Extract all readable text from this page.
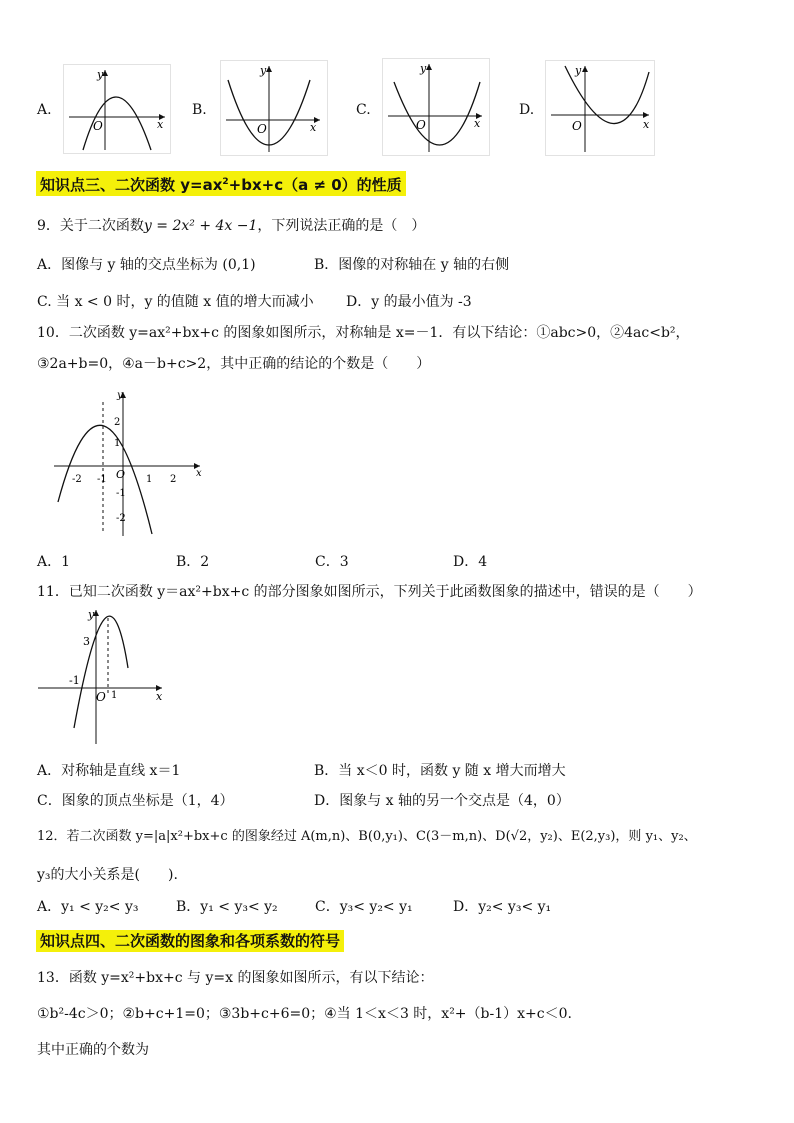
A.
y
x
O
B.
y
x
O
C.
y
x
O
D.
y
x
O
知识点三、二次函数 $y=ax^2+bx+c(a \ne 0)$的性质
9．关于二次函数y = 2x² + 4x −1，下列说法正确的是（　）
A．图像与 y 轴的交点坐标为 (0,1)	B．图像的对称轴在 y 轴的右侧
C. 当 x < 0 时，y 的值随 x 值的增大而减小 D．y 的最小值为 -3
10．二次函数 y=ax²+bx+c 的图象如图所示，对称轴是 x=－1．有以下结论：①abc>0，②4ac<b²，
③2a+b=0，④a－b+c>2，其中正确的结论的个数是（　　）
y
x
-2 -1 O 1 2
2
1
-1
-2
A．1	B．2	C．3	D．4
11．已知二次函数 y＝ax²+bx+c 的部分图象如图所示，下列关于此函数图象的描述中，错误的是（　　）
y
x
3
-1
O 1
A．对称轴是直线 x＝1	B．当 x＜0 时，函数 y 随 x 增大而增大
C．图象的顶点坐标是（1，4）	D．图象与 x 轴的另一个交点是（4，0）
12．若二次函数 y=|a|x²+bx+c 的图象经过 A(m,n)、B(0,y₁)、C(3－m,n)、D(√2，y₂)、E(2,y₃)，则 y₁、y₂、
y₃的大小关系是(　　).
A．y₁ < y₂< y₃	B．y₁ < y₃< y₂	C．y₃< y₂< y₁	D．y₂< y₃< y₁
知识点四、二次函数的图象和各项系数的符号
13．函数 y=x²+bx+c 与 y=x 的图象如图所示，有以下结论：
①b²-4c＞0；②b+c+1=0；③3b+c+6=0；④当 1＜x＜3 时，x²+（b-1）x+c＜0.
其中正确的个数为
